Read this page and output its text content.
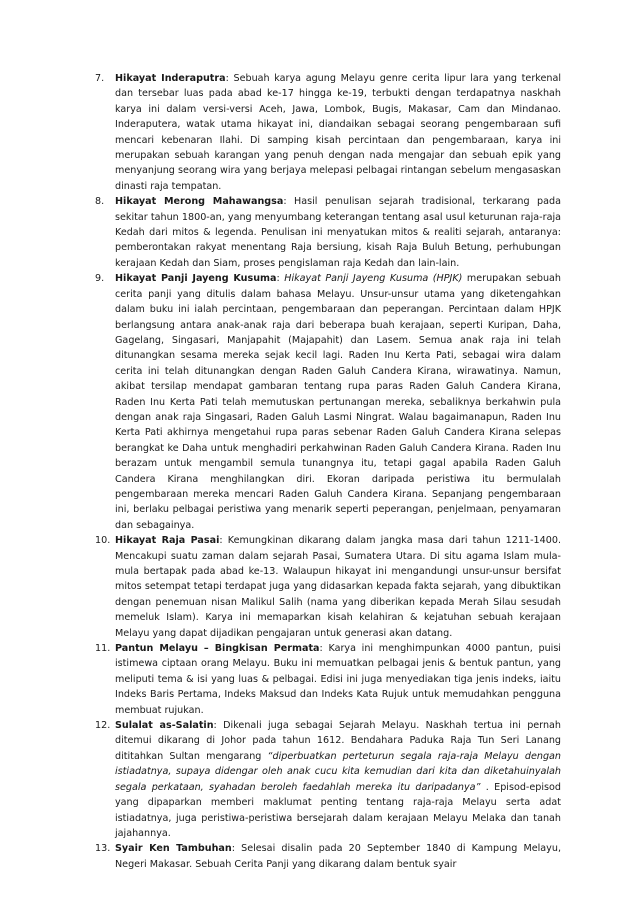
7. Hikayat Inderaputra: Sebuah karya agung Melayu genre cerita lipur lara yang terkenal dan tersebar luas pada abad ke-17 hingga ke-19, terbukti dengan terdapatnya naskhah karya ini dalam versi-versi Aceh, Jawa, Lombok, Bugis, Makasar, Cam dan Mindanao. Inderaputera, watak utama hikayat ini, diandaikan sebagai seorang pengembaraan sufi mencari kebenaran Ilahi. Di samping kisah percintaan dan pengembaraan, karya ini merupakan sebuah karangan yang penuh dengan nada mengajar dan sebuah epik yang menyanjung seorang wira yang berjaya melepasi pelbagai rintangan sebelum mengasaskan dinasti raja tempatan.
8. Hikayat Merong Mahawangsa: Hasil penulisan sejarah tradisional, terkarang pada sekitar tahun 1800-an, yang menyumbang keterangan tentang asal usul keturunan raja-raja Kedah dari mitos & legenda. Penulisan ini menyatukan mitos & realiti sejarah, antaranya: pemberontakan rakyat menentang Raja bersiung, kisah Raja Buluh Betung, perhubungan kerajaan Kedah dan Siam, proses pengislaman raja Kedah dan lain-lain.
9. Hikayat Panji Jayeng Kusuma: Hikayat Panji Jayeng Kusuma (HPJK) merupakan sebuah cerita panji yang ditulis dalam bahasa Melayu. Unsur-unsur utama yang diketengahkan dalam buku ini ialah percintaan, pengembaraan dan peperangan. Percintaan dalam HPJK berlangsung antara anak-anak raja dari beberapa buah kerajaan, seperti Kuripan, Daha, Gagelang, Singasari, Manjapahit (Majapahit) dan Lasem. Semua anak raja ini telah ditunangkan sesama mereka sejak kecil lagi. Raden Inu Kerta Pati, sebagai wira dalam cerita ini telah ditunangkan dengan Raden Galuh Candera Kirana, wirawatinya. Namun, akibat tersilap mendapat gambaran tentang rupa paras Raden Galuh Candera Kirana, Raden Inu Kerta Pati telah memutuskan pertunangan mereka, sebaliknya berkahwin pula dengan anak raja Singasari, Raden Galuh Lasmi Ningrat. Walau bagaimanapun, Raden Inu Kerta Pati akhirnya mengetahui rupa paras sebenar Raden Galuh Candera Kirana selepas berangkat ke Daha untuk menghadiri perkahwinan Raden Galuh Candera Kirana. Raden Inu berazam untuk mengambil semula tunangnya itu, tetapi gagal apabila Raden Galuh Candera Kirana menghilangkan diri. Ekoran daripada peristiwa itu bermulalah pengembaraan mereka mencari Raden Galuh Candera Kirana. Sepanjang pengembaraan ini, berlaku pelbagai peristiwa yang menarik seperti peperangan, penjelmaan, penyamaran dan sebagainya.
10. Hikayat Raja Pasai: Kemungkinan dikarang dalam jangka masa dari tahun 1211-1400. Mencakupi suatu zaman dalam sejarah Pasai, Sumatera Utara. Di situ agama Islam mula-mula bertapak pada abad ke-13. Walaupun hikayat ini mengandungi unsur-unsur bersifat mitos setempat tetapi terdapat juga yang didasarkan kepada fakta sejarah, yang dibuktikan dengan penemuan nisan Malikul Salih (nama yang diberikan kepada Merah Silau sesudah memeluk Islam). Karya ini memaparkan kisah kelahiran & kejatuhan sebuah kerajaan Melayu yang dapat dijadikan pengajaran untuk generasi akan datang.
11. Pantun Melayu – Bingkisan Permata: Karya ini menghimpunkan 4000 pantun, puisi istimewa ciptaan orang Melayu. Buku ini memuatkan pelbagai jenis & bentuk pantun, yang meliputi tema & isi yang luas & pelbagai. Edisi ini juga menyediakan tiga jenis indeks, iaitu Indeks Baris Pertama, Indeks Maksud dan Indeks Kata Rujuk untuk memudahkan pengguna membuat rujukan.
12. Sulalat as-Salatin: Dikenali juga sebagai Sejarah Melayu. Naskhah tertua ini pernah ditemui dikarang di Johor pada tahun 1612. Bendahara Paduka Raja Tun Seri Lanang dititahkan Sultan mengarang “diperbuatkan perteturun segala raja-raja Melayu dengan istiadatnya, supaya didengar oleh anak cucu kita kemudian dari kita dan diketahuinyalah segala perkataan, syahadan beroleh faedahlah mereka itu daripadanya” . Episod-episod yang dipaparkan memberi maklumat penting tentang raja-raja Melayu serta adat istiadatnya, juga peristiwa-peristiwa bersejarah dalam kerajaan Melayu Melaka dan tanah jajahannya.
13. Syair Ken Tambuhan: Selesai disalin pada 20 September 1840 di Kampung Melayu, Negeri Makasar. Sebuah Cerita Panji yang dikarang dalam bentuk syair
